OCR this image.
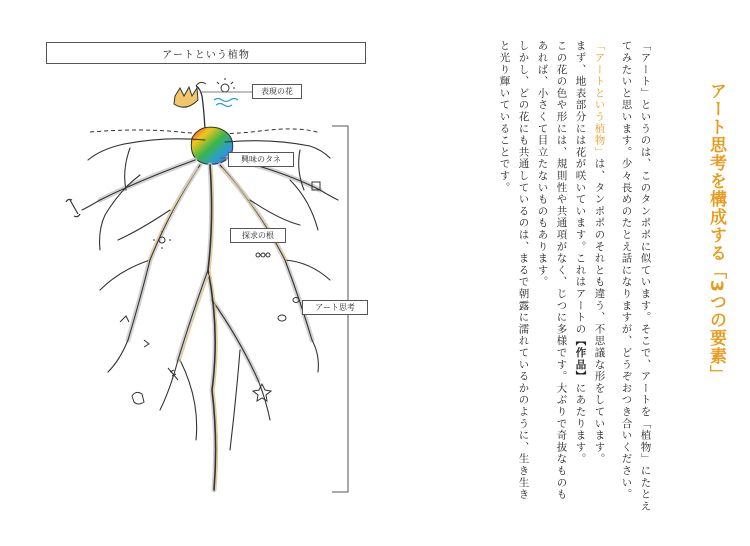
アートという植物
表現の花
興味のタネ
探求の根
アート思考	アート思考を構成する「3つの要素」
「アート」というのは、このタンポポに似ています。そこで、アートを「植物」にたとえ
てみたいと思います。少々長めのたとえ話になりますが、どうぞおつき合いください。
「アートという植物」は、タンポポのそれとも違う、不思議な形をしています。
まず、地表部分には花が咲いています。これはアートの【作品】にあたります。
この花の色や形には、規則性や共通項がなく、じつに多様です。大ぶりで奇抜なものも
あれば、小さくて目立たないものもあります。
しかし、どの花にも共通しているのは、まるで朝露に濡れているかのように、生き生き
と光り輝いていることです。
